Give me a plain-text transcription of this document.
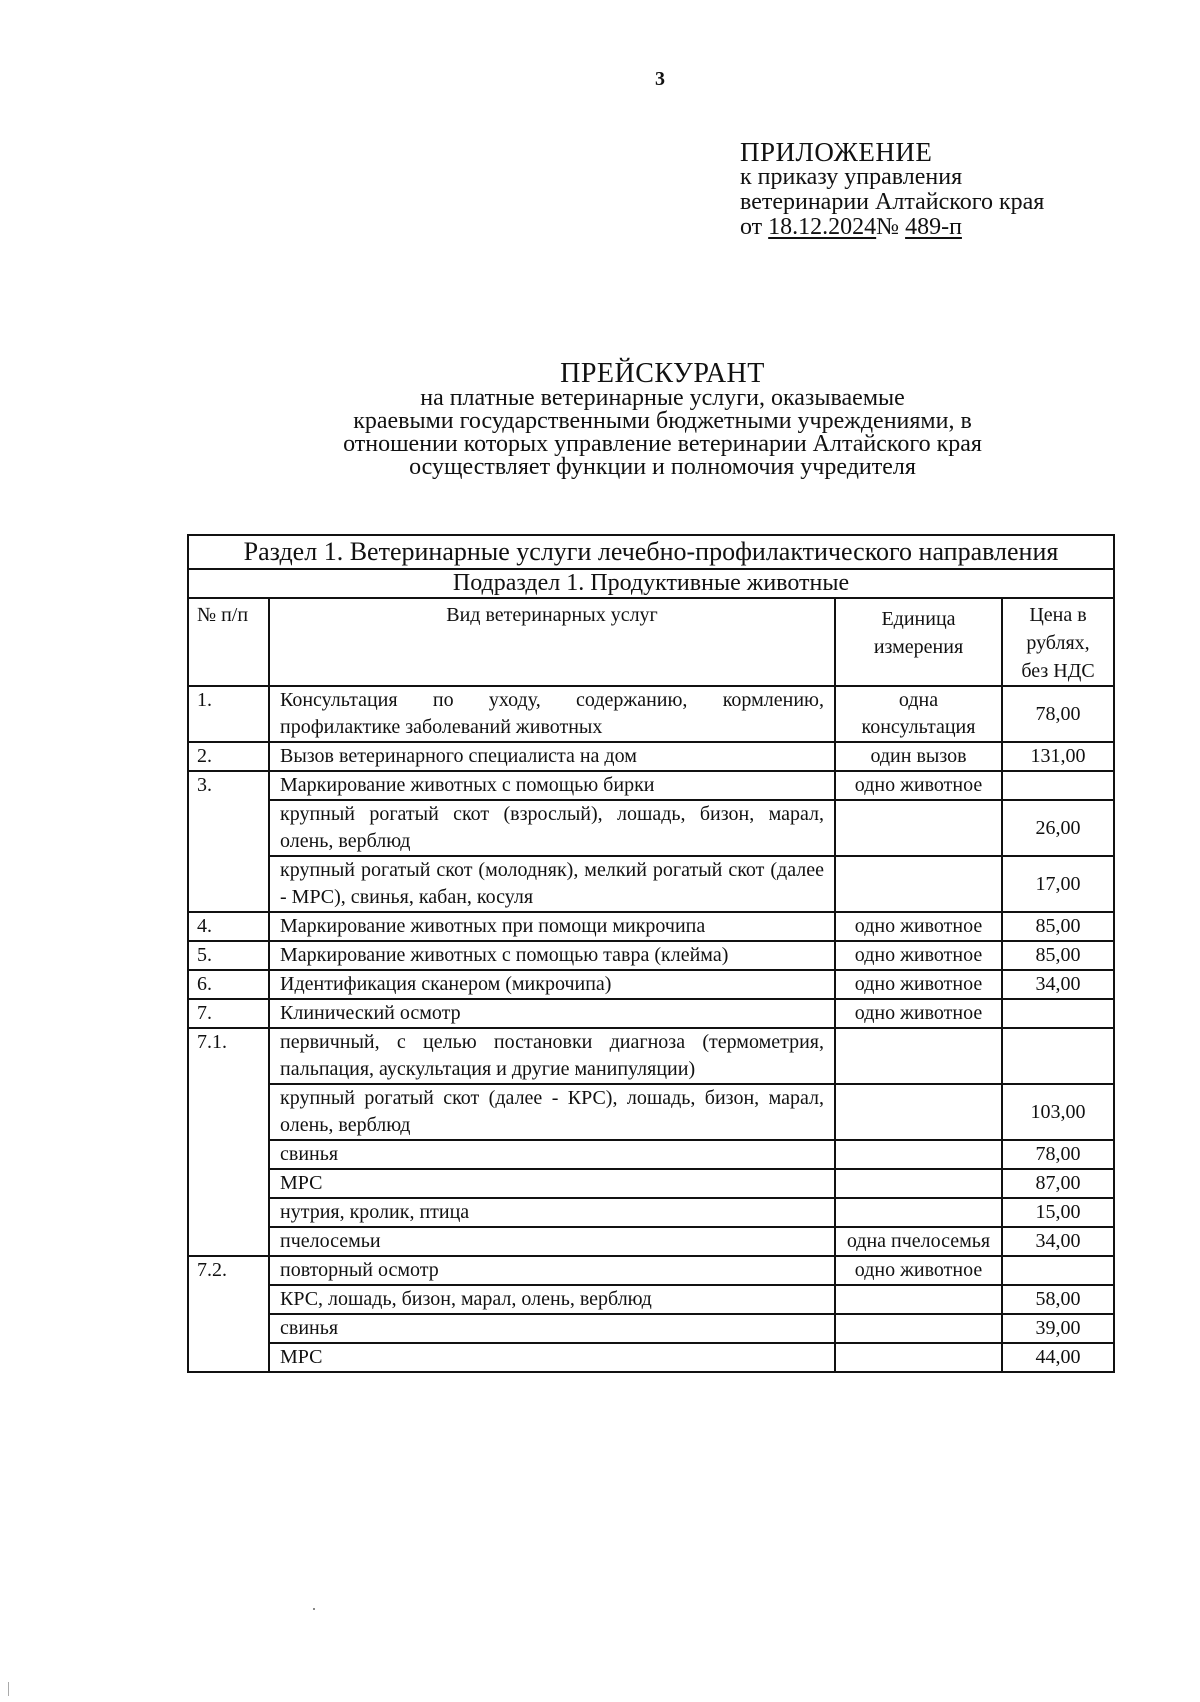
3
ПРИЛОЖЕНИЕ
к приказу управления
ветеринарии Алтайского края
от 18.12.2024№ 489-п
ПРЕЙСКУРАНТ
на платные ветеринарные услуги, оказываемые
краевыми государственными бюджетными учреждениями, в
отношении которых управление ветеринарии Алтайского края
осуществляет функции и полномочия учредителя
Раздел 1. Ветеринарные услуги лечебно-профилактического направления			
Подраздел 1. Продуктивные животные			
№ п/п	Вид ветеринарных услуг	Единица измерения	Цена в рублях, без НДС
1.	Консультация по уходу, содержанию, кормлению, профилактике заболеваний животных	одна консультация	78,00
2.	Вызов ветеринарного специалиста на дом	один вызов	131,00
3.	Маркирование животных с помощью бирки	одно животное	
	крупный рогатый скот (взрослый), лошадь, бизон, марал, олень, верблюд		26,00
	крупный рогатый скот (молодняк), мелкий рогатый скот (далее - МРС), свинья, кабан, косуля		17,00
4.	Маркирование животных при помощи микрочипа	одно животное	85,00
5.	Маркирование животных с помощью тавра (клейма)	одно животное	85,00
6.	Идентификация сканером (микрочипа)	одно животное	34,00
7.	Клинический осмотр	одно животное	
7.1.	первичный, с целью постановки диагноза (термометрия, пальпация, аускультация и другие манипуляции)		
	крупный рогатый скот (далее - КРС), лошадь, бизон, марал, олень, верблюд		103,00
	свинья		78,00
	МРС		87,00
	нутрия, кролик, птица		15,00
	пчелосемьи	одна пчелосемья	34,00
7.2.	повторный осмотр	одно животное	
	КРС, лошадь, бизон, марал, олень, верблюд		58,00
	свинья		39,00
	МРС		44,00
